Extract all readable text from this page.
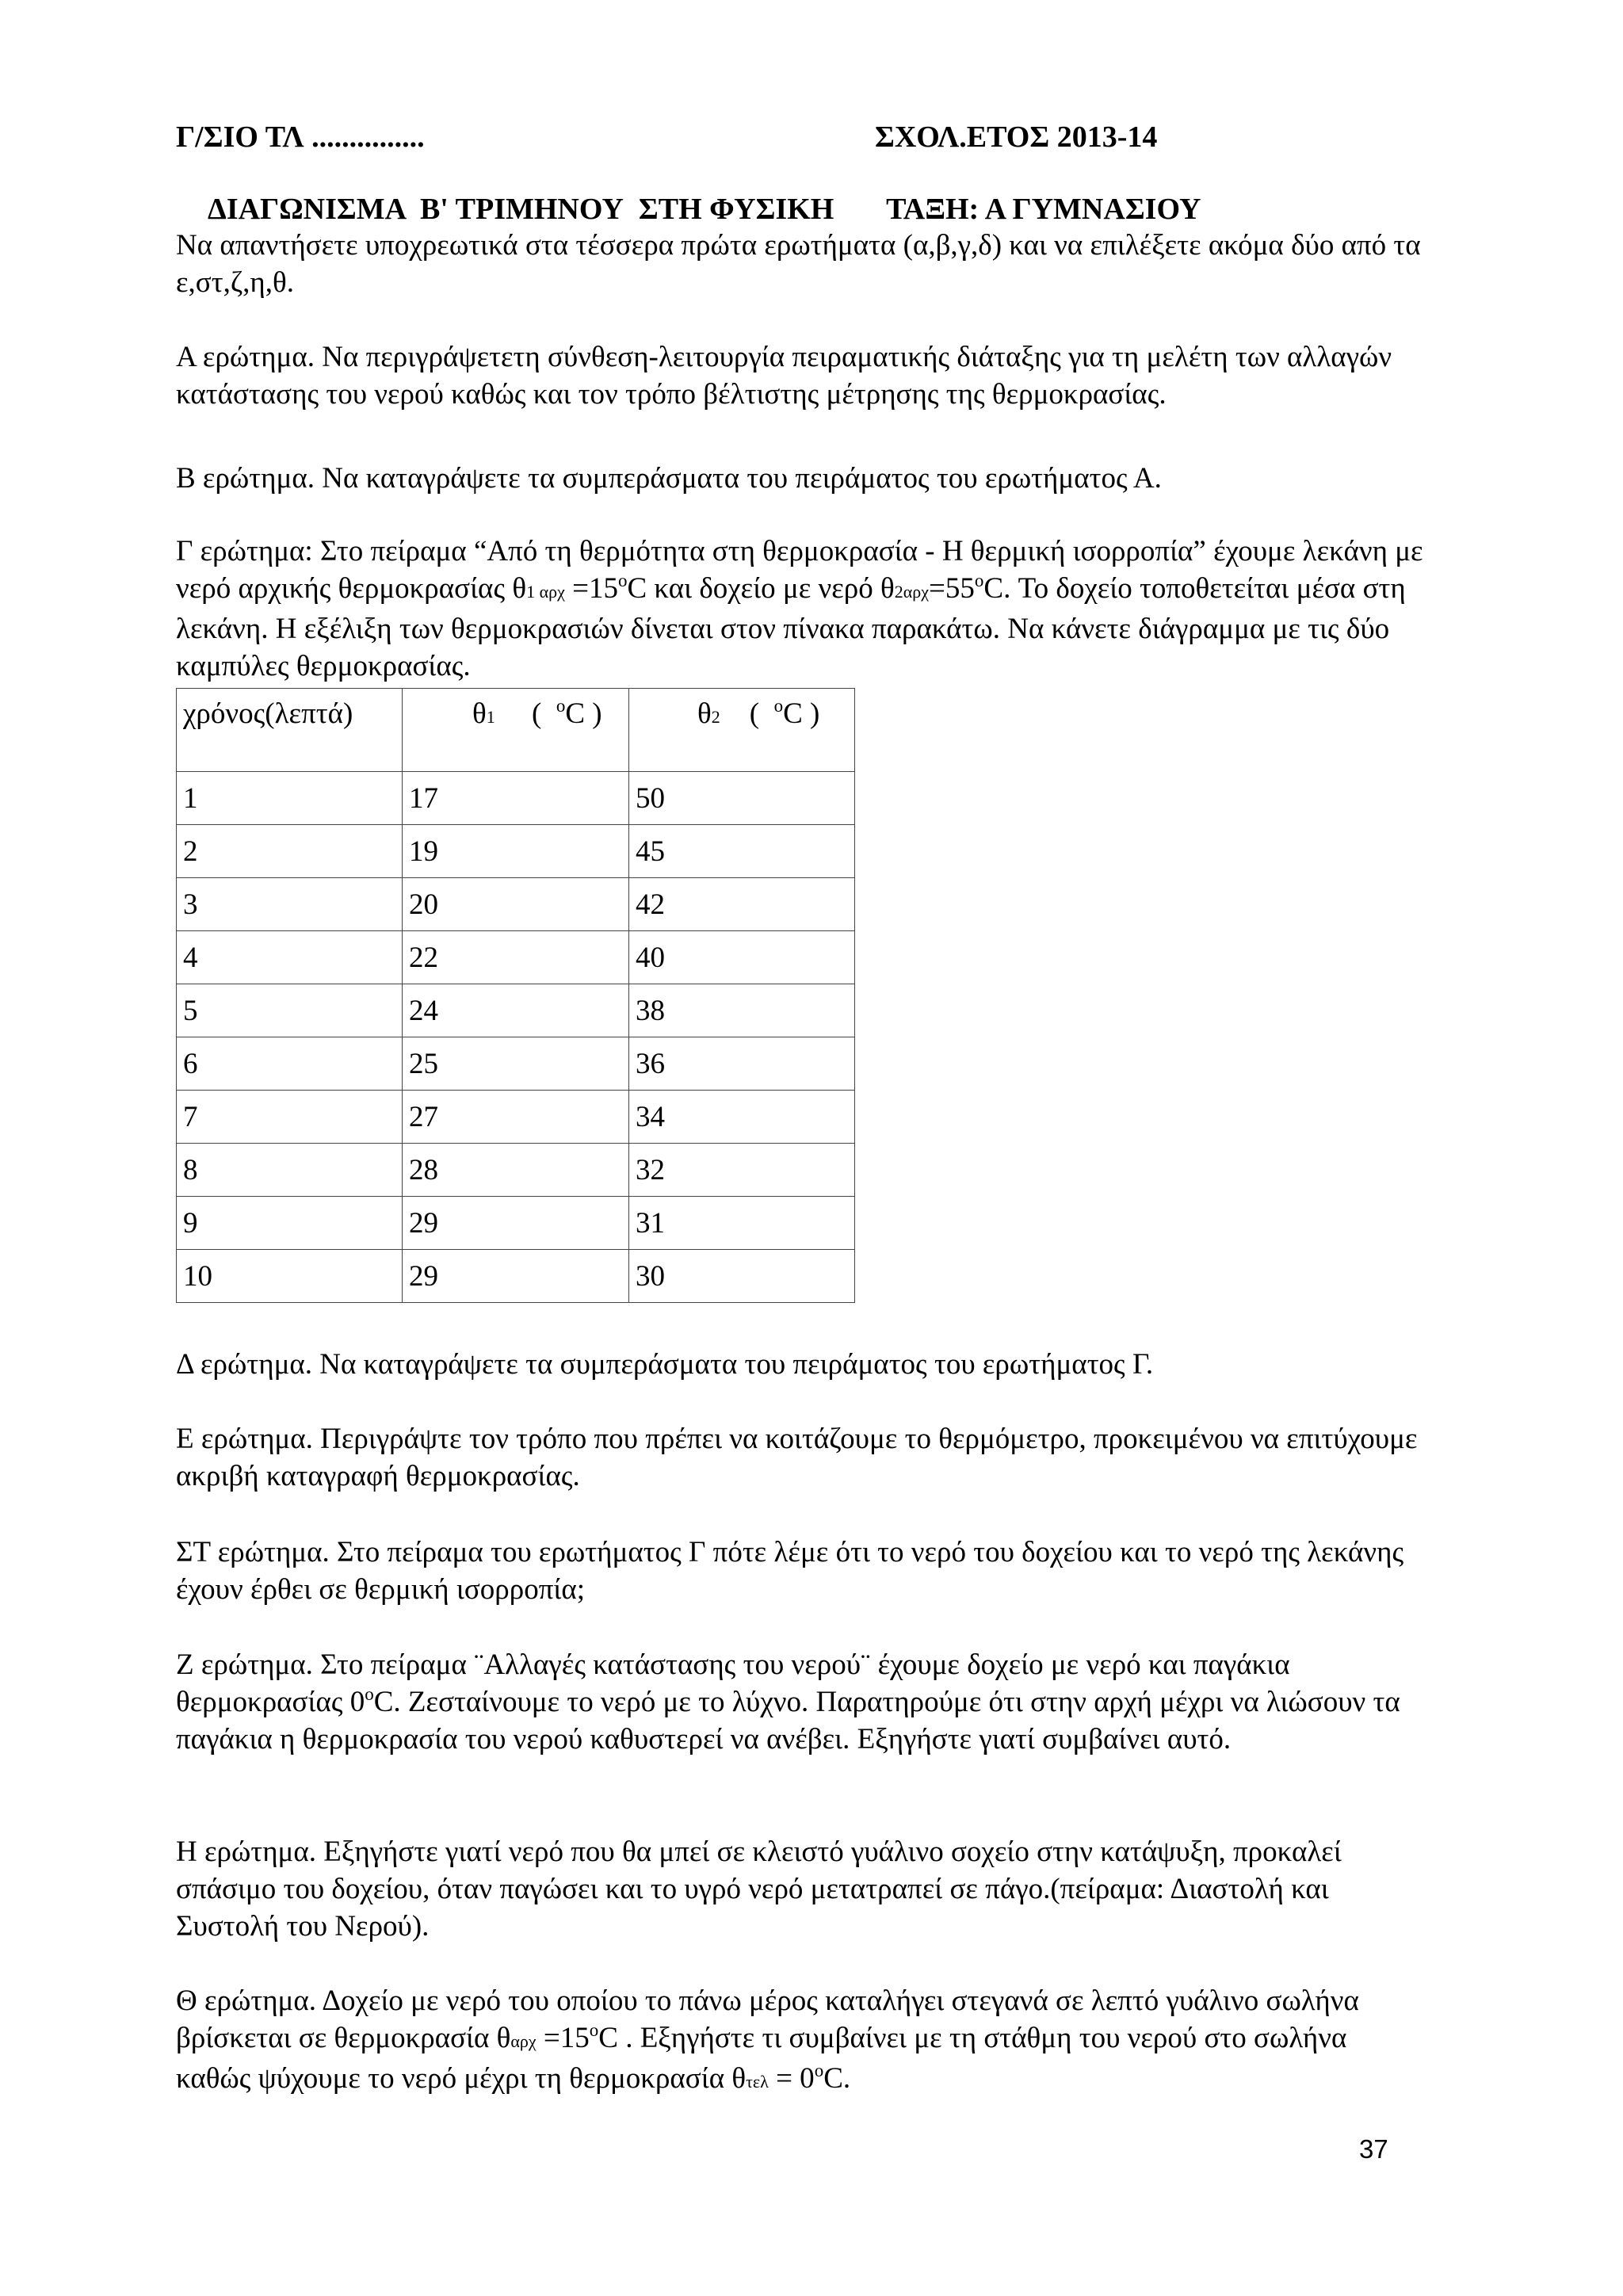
Γ/ΣΙΟ ΤΛ ...............	ΣΧΟΛ.ΕΤΟΣ 2013-14
ΔΙΑΓΩΝΙΣΜΑ  Β' ΤΡΙΜΗΝΟΥ  ΣΤΗ ΦΥΣΙΚΗ       ΤΑΞΗ: Α ΓΥΜΝΑΣΙΟΥ

Να απαντήσετε υποχρεωτικά στα τέσσερα πρώτα ερωτήματα (α,β,γ,δ) και να επιλέξετε ακόμα δύο από τα ε,στ,ζ,η,θ.

Α ερώτημα. Να περιγράψετετη σύνθεση-λειτουργία πειραματικής διάταξης για τη μελέτη των αλλαγών κατάστασης του νερού καθώς και τον τρόπο βέλτιστης μέτρησης της θερμοκρασίας.

Β ερώτημα. Να καταγράψετε τα συμπεράσματα του πειράματος του ερωτήματος Α.

Γ ερώτημα: Στο πείραμα “Από τη θερμότητα στη θερμοκρασία - Η θερμική ισορροπία” έχουμε λεκάνη με νερό αρχικής θερμοκρασίας θ1 $\alpha\rho\chi =15^oC$ και δοχείο με νερό $\theta 2\alpha\rho\chi=55^oC$. Το δοχείο τοποθετείται μέσα στη λεκάνη. Η εξέλιξη των θερμοκρασιών δίνεται στον πίνακα παρακάτω. Να κάνετε διάγραμμα με τις δύο καμπύλες θερμοκρασίας.

χρόνος(λεπτά)	θ1     (  $^o$C )	θ2    (  $^o$C )
1	17	50
2	19	45
3	20	42
4	22	40
5	24	38
6	25	36
7	27	34
8	28	32
9	29	31
10	29	30

Δ ερώτημα. Να καταγράψετε τα συμπεράσματα του πειράματος του ερωτήματος Γ.

Ε ερώτημα. Περιγράψτε τον τρόπο που πρέπει να κοιτάζουμε το θερμόμετρο, προκειμένου να επιτύχουμε ακριβή καταγραφή θερμοκρασίας.

ΣΤ ερώτημα. Στο πείραμα του ερωτήματος Γ πότε λέμε ότι το νερό του δοχείου και το νερό της λεκάνης έχουν έρθει σε θερμική ισορροπία;

Ζ ερώτημα. Στο πείραμα ¨Αλλαγές κατάστασης του νερού¨ έχουμε δοχείο με νερό και παγάκια θερμοκρασίας 0$^o$C. Ζεσταίνουμε το νερό με το λύχνο. Παρατηρούμε ότι στην αρχή μέχρι να λιώσουν τα παγάκια η θερμοκρασία του νερού καθυστερεί να ανέβει. Εξηγήστε γιατί συμβαίνει αυτό.

Η ερώτημα. Εξηγήστε γιατί νερό που θα μπεί σε κλειστό γυάλινο σοχείο στην κατάψυξη, προκαλεί σπάσιμο του δοχείου, όταν παγώσει και το υγρό νερό μετατραπεί σε πάγο.(πείραμα: Διαστολή και Συστολή του Νερού).

Θ ερώτημα. Δοχείο με νερό του οποίου το πάνω μέρος καταλήγει στεγανά σε λεπτό γυάλινο σωλήνα βρίσκεται σε θερμοκρασία $\theta\alpha\rho\chi =15^oC$ . Εξηγήστε τι συμβαίνει με τη στάθμη του νερού στο σωλήνα καθώς ψύχουμε το νερό μέχρι τη θερμοκρασία $\theta\tau\varepsilon\lambda = 0^oC$.

37
